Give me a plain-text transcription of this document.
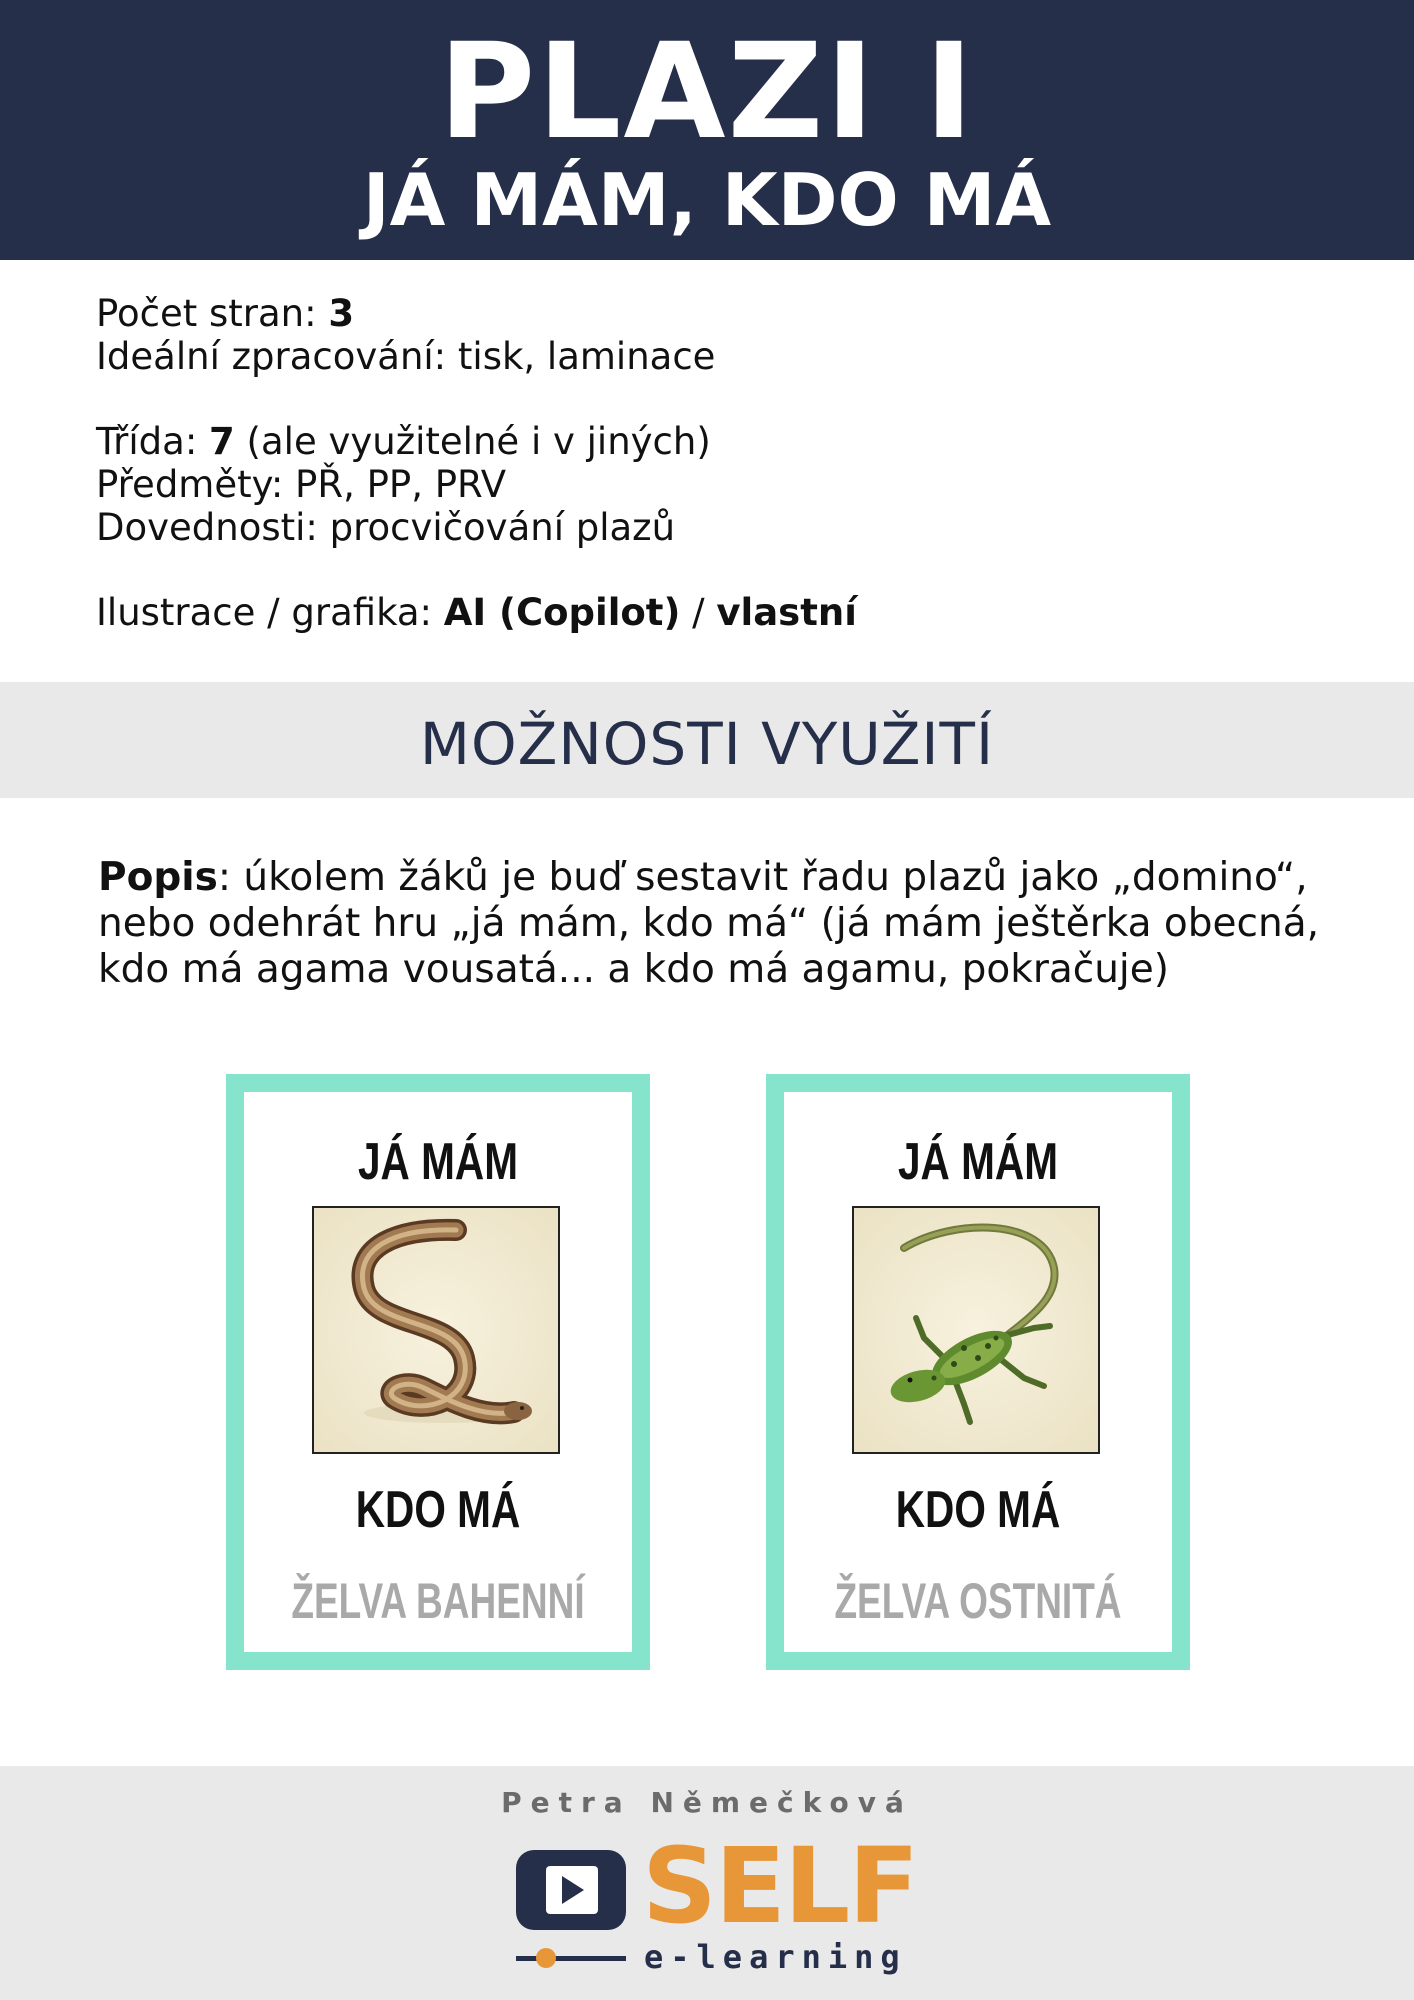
PLAZI I
JÁ MÁM, KDO MÁ
Počet stran: 3
Ideální zpracování: tisk, laminace
Třída: 7 (ale využitelné i v jiných)
Předměty: PŘ, PP, PRV
Dovednosti: procvičování plazů
Ilustrace / grafika: AI (Copilot) / vlastní
MOŽNOSTI VYUŽITÍ
Popis: úkolem žáků je buď sestavit řadu plazů jako „domino“, nebo odehrát hru „já mám, kdo má“ (já mám ještěrka obecná, kdo má agama vousatá... a kdo má agamu, pokračuje)
JÁ MÁM
KDO MÁ
ŽELVA BAHENNÍ
JÁ MÁM
KDO MÁ
ŽELVA OSTNITÁ
Petra Němečková
SELF
e-learning
